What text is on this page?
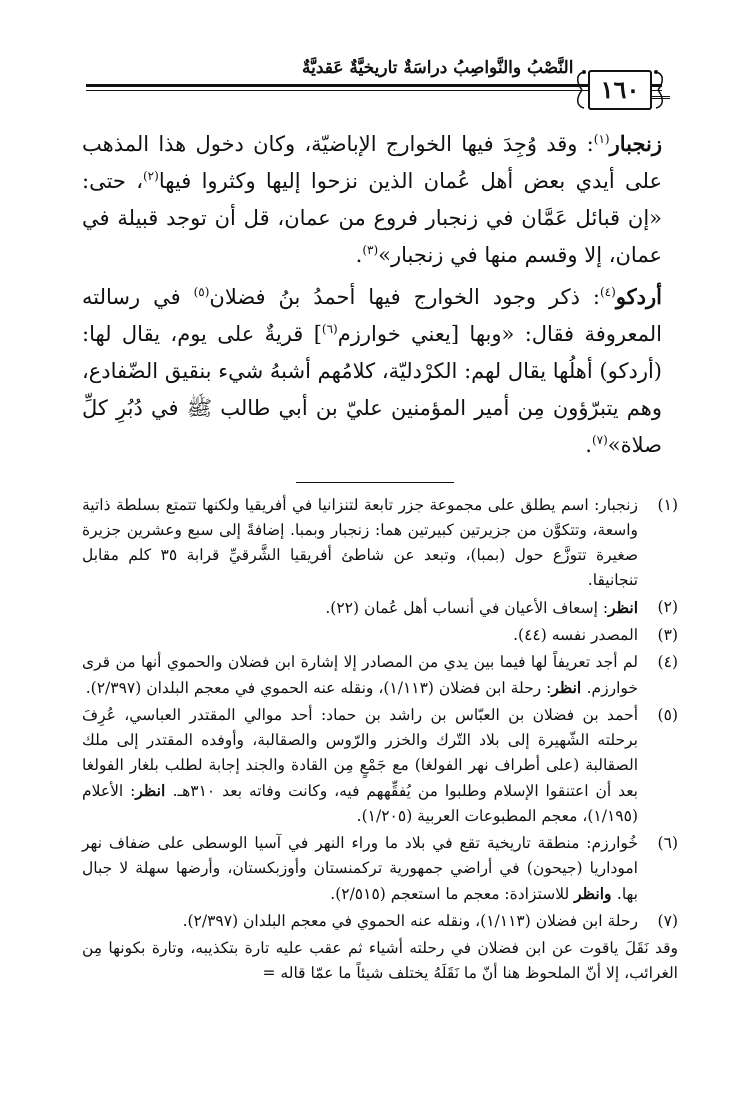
النَّصْبُ والنَّواصِبُ دراسَةٌ تاريخيَّةٌ عَقديَّةٌ
١٦٠

زنجبار$^{(١)}$: وقد وُجِدَ فيها الخوارج الإباضيّة، وكان دخول هذا المذهب على أيدي بعض أهل عُمان الذين نزحوا إليها وكثروا فيها$^{(٢)}$، حتى: «إن قبائل عَمَّان في زنجبار فروع من عمان، قل أن توجد قبيلة في عمان، إلا وقسم منها في زنجبار»$^{(٣)}$.

أردكو$^{(٤)}$: ذكر وجود الخوارج فيها أحمدُ بنُ فضلان$^{(٥)}$ في رسالته المعروفة فقال: «وبها [يعني خوارزم$^{(٦)}$] قريةٌ على يوم، يقال لها: (أردكو) أهلُها يقال لهم: الكرْدليّة، كلامُهم أشبهُ شيء بنقيق الضّفادع، وهم يتبرّؤون مِن أمير المؤمنين عليّ بن أبي طالب ﷺ في دُبُرِ كلِّ صلاة»$^{(٧)}$.

(١)
زنجبار: اسم يطلق على مجموعة جزر تابعة لتنزانيا في أفريقيا ولكنها تتمتع بسلطة ذاتية واسعة، وتتكوَّن من جزيرتين كبيرتين هما: زنجبار وبمبا. إضافةً إلى سبع وعشرين جزيرة صغيرة تتوزَّع حول (بمبا)، وتبعد عن شاطئ أفريقيا الشَّرقيِّ قرابة ٣٥ كلم مقابل تنجانيقا.
(٢)
انظر: إسعاف الأعيان في أنساب أهل عُمان (٢٢).
(٣)
المصدر نفسه (٤٤).
(٤)
لم أجد تعريفاً لها فيما بين يدي من المصادر إلا إشارة ابن فضلان والحموي أنها من قرى خوارزم. انظر: رحلة ابن فضلان (١/١١٣)، ونقله عنه الحموي في معجم البلدان (٢/٣٩٧).
(٥)
أحمد بن فضلان بن العبّاس بن راشد بن حماد: أحد موالي المقتدر العباسي، عُرِفَ برحلته الشّهيرة إلى بلاد التّرك والخزر والرّوس والصقالبة، وأوفده المقتدر إلى ملك الصقالبة (على أطراف نهر الفولغا) مع جَمْعٍ مِن القادة والجند إجابة لطلب بلغار الفولغا بعد أن اعتنقوا الإسلام وطلبوا من يُفقِّههم فيه، وكانت وفاته بعد ٣١٠هـ. انظر: الأعلام (١/١٩٥)، معجم المطبوعات العربية (١/٢٠٥).
(٦)
خُوارزم: منطقة تاريخية تقع في بلاد ما وراء النهر في آسيا الوسطى على ضفاف نهر اموداريا (جيحون) في أراضي جمهورية تركمنستان وأوزبكستان، وأرضها سهلة لا جبال بها. وانظر للاستزادة: معجم ما استعجم (٢/٥١٥).
(٧)
رحلة ابن فضلان (١/١١٣)، ونقله عنه الحموي في معجم البلدان (٢/٣٩٧).
وقد نَقَلَ ياقوت عن ابن فضلان في رحلته أشياء ثم عقب عليه تارة بتكذيبه، وتارة بكونها مِن الغرائب، إلا أنّ الملحوظ هنا أنّ ما نَقَلَهُ يختلف شيئاً ما عمّا قاله =
